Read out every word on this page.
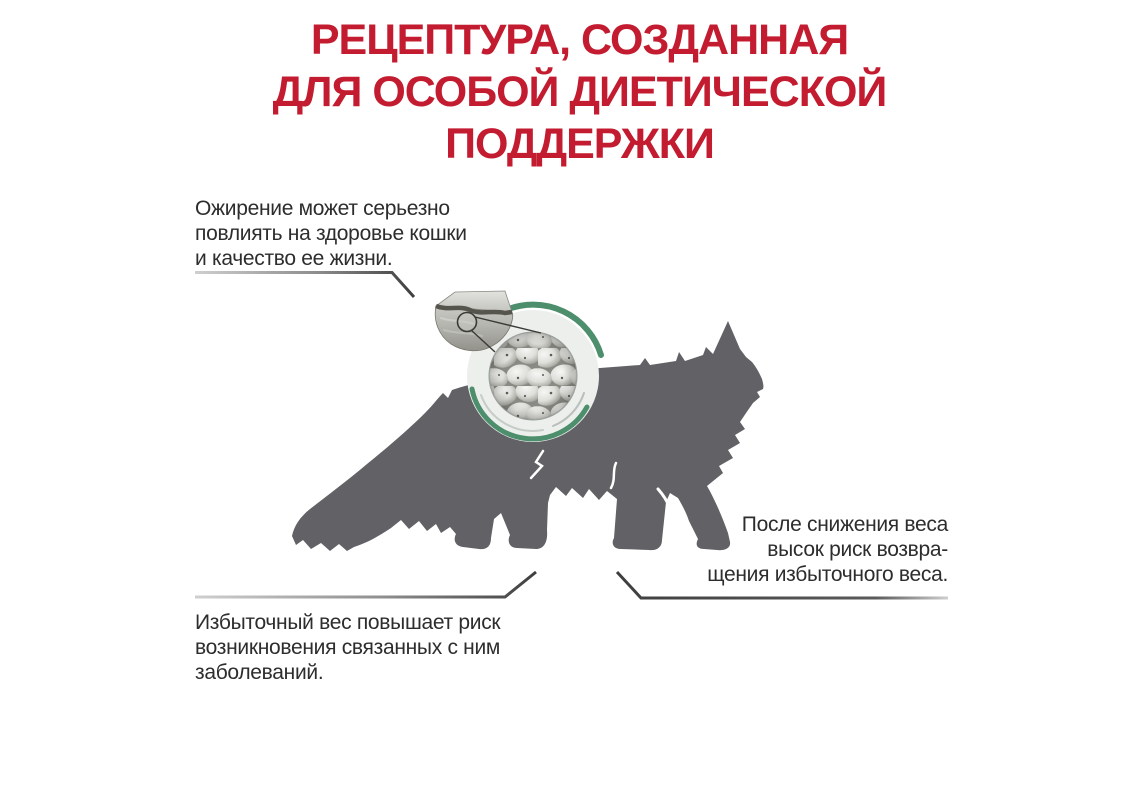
РЕЦЕПТУРА, СОЗДАННАЯ
ДЛЯ ОСОБОЙ ДИЕТИЧЕСКОЙ
ПОДДЕРЖКИ
Ожирение может серьезно
повлиять на здоровье кошки
и качество ее жизни.
После снижения веса
высок риск возвра-
щения избыточного веса.
Избыточный вес повышает риск
возникновения связанных с ним
заболеваний.
